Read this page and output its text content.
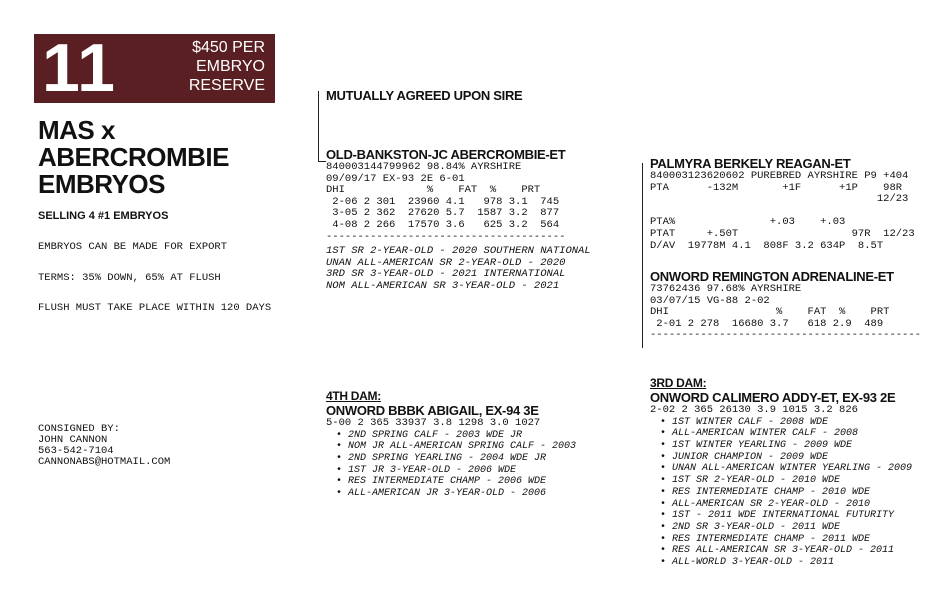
11	$450 PER
EMBRYO
RESERVE
MAS x
ABERCROMBIE
EMBRYOS
SELLING 4 #1 EMBRYOS
EMBRYOS CAN BE MADE FOR EXPORT
TERMS: 35% DOWN, 65% AT FLUSH
FLUSH MUST TAKE PLACE WITHIN 120 DAYS
CONSIGNED BY:
JOHN CANNON
563-542-7104
CANNONABS@HOTMAIL.COM
MUTUALLY AGREED UPON SIRE
OLD-BANKSTON-JC ABERCROMBIE-ET
840003144799962 98.84% AYRSHIRE
09/09/17 EX-93 2E 6-01
DHI             %    FAT  %    PRT
2-06 2 301  23960 4.1   978 3.1  745
3-05 2 362  27620 5.7  1587 3.2  877
4-08 2 266  17570 3.6   625 3.2  564
--------------------------------------
1ST SR 2-YEAR-OLD - 2020 SOUTHERN NATIONAL
UNAN ALL-AMERICAN SR 2-YEAR-OLD - 2020
3RD SR 3-YEAR-OLD - 2021 INTERNATIONAL
NOM ALL-AMERICAN SR 3-YEAR-OLD - 2021
PALMYRA BERKELY REAGAN-ET
840003123620602 PUREBRED AYRSHIRE P9 +404
PTA      -132M       +1F      +1P    98R
12/23

PTA%               +.03    +.03
PTAT     +.50T                  97R  12/23
D/AV  19778M 4.1  808F 3.2 634P  8.5T
ONWORD REMINGTON ADRENALINE-ET
73762436 97.68% AYRSHIRE
03/07/15 VG-88 2-02
DHI                 %    FAT  %    PRT
2-01 2 278  16680 3.7   618 2.9  489
-------------------------------------------
4TH DAM:
ONWORD BBBK ABIGAIL, EX-94 3E
5-00 2 365 33937 3.8 1298 3.0 1027
• 2ND SPRING CALF - 2003 WDE JR
• NOM JR ALL-AMERICAN SPRING CALF - 2003
• 2ND SPRING YEARLING - 2004 WDE JR
• 1ST JR 3-YEAR-OLD - 2006 WDE
• RES INTERMEDIATE CHAMP - 2006 WDE
• ALL-AMERICAN JR 3-YEAR-OLD - 2006
3RD DAM:
ONWORD CALIMERO ADDY-ET, EX-93 2E
2-02 2 365 26130 3.9 1015 3.2 826
• 1ST WINTER CALF - 2008 WDE
• ALL-AMERICAN WINTER CALF - 2008
• 1ST WINTER YEARLING - 2009 WDE
• JUNIOR CHAMPION - 2009 WDE
• UNAN ALL-AMERICAN WINTER YEARLING - 2009
• 1ST SR 2-YEAR-OLD - 2010 WDE
• RES INTERMEDIATE CHAMP - 2010 WDE
• ALL-AMERICAN SR 2-YEAR-OLD - 2010
• 1ST - 2011 WDE INTERNATIONAL FUTURITY
• 2ND SR 3-YEAR-OLD - 2011 WDE
• RES INTERMEDIATE CHAMP - 2011 WDE
• RES ALL-AMERICAN SR 3-YEAR-OLD - 2011
• ALL-WORLD 3-YEAR-OLD - 2011
